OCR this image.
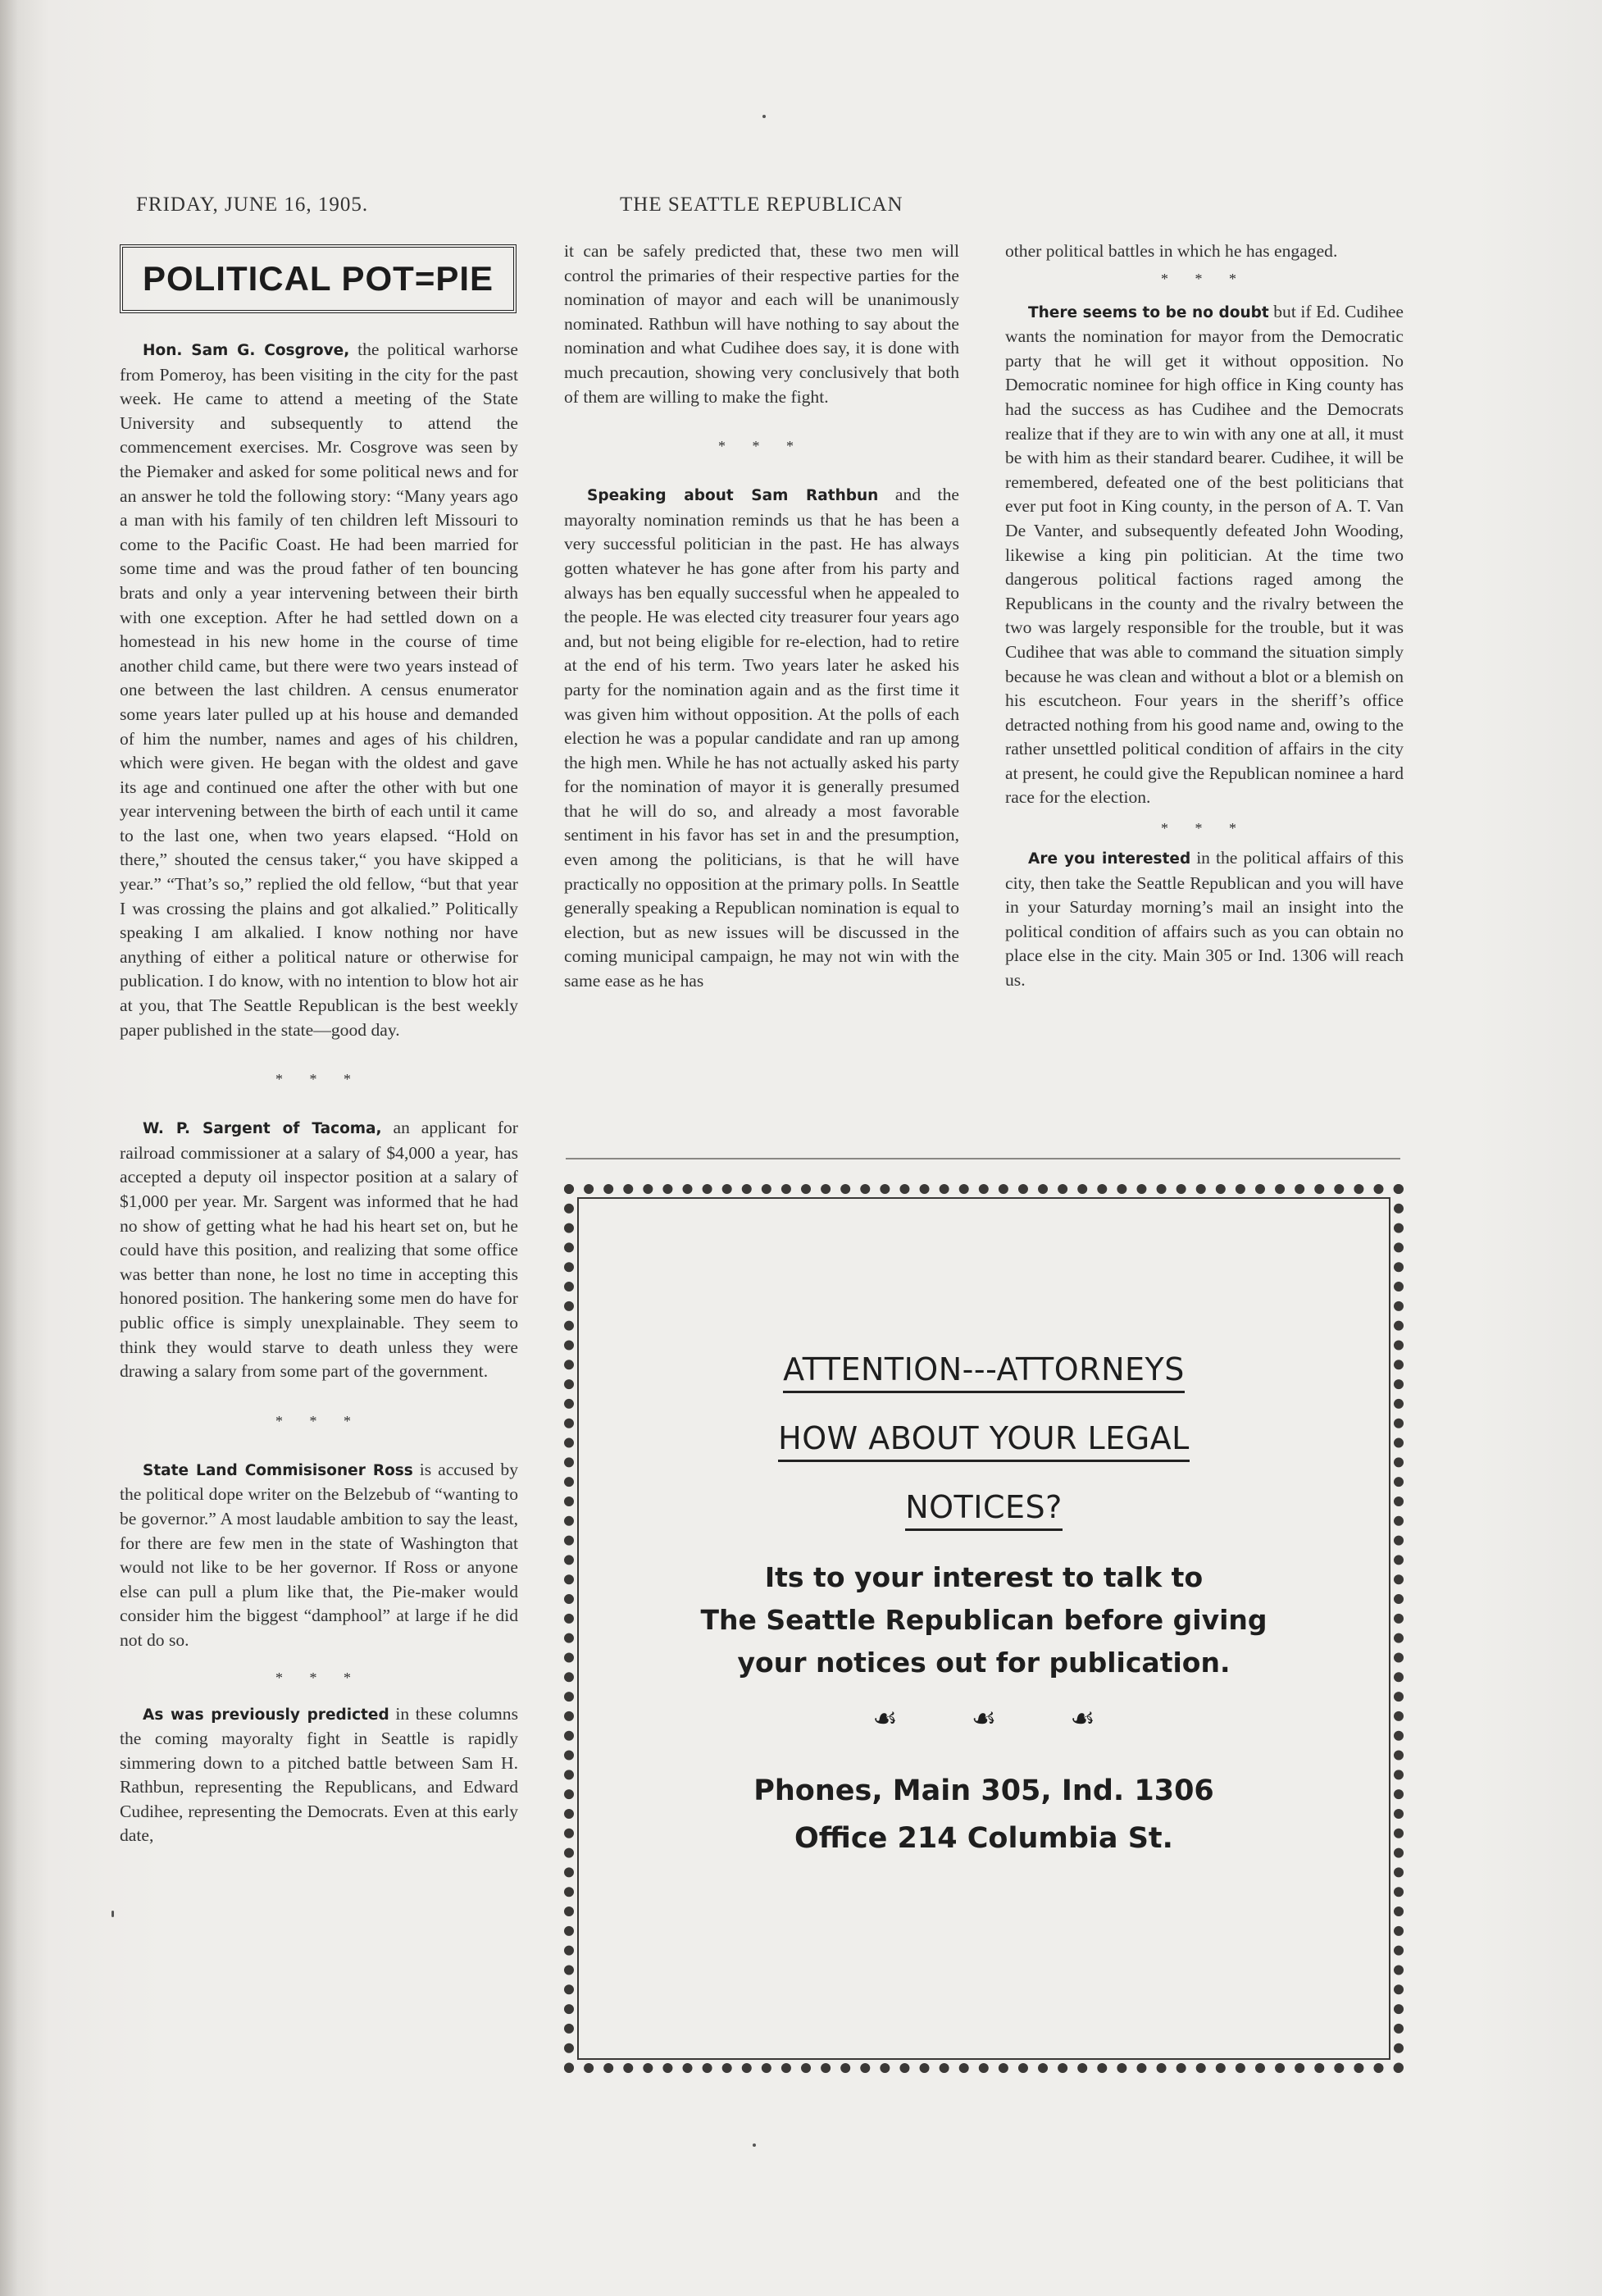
FRIDAY, JUNE 16, 1905.	THE SEATTLE REPUBLICAN
POLITICAL POT=PIE

Hon. Sam G. Cosgrove, the political warhorse from Pomeroy, has been visiting in the city for the past week. He came to attend a meeting of the State University and subsequently to attend the commencement exercises. Mr. Cosgrove was seen by the Piemaker and asked for some political news and for an answer he told the following story: “Many years ago a man with his family of ten children left Missouri to come to the Pacific Coast. He had been married for some time and was the proud father of ten bouncing brats and only a year intervening between their birth with one exception. After he had settled down on a homestead in his new home in the course of time another child came, but there were two years instead of one between the last children. A census enumerator some years later pulled up at his house and demanded of him the number, names and ages of his children, which were given. He began with the oldest and gave its age and continued one after the other with but one year intervening between the birth of each until it came to the last one, when two years elapsed. “Hold on there,” shouted the census taker,“ you have skipped a year.” “That’s so,” replied the old fellow, “but that year I was crossing the plains and got alkalied.” Politically speaking I am alkalied. I know nothing nor have anything of either a political nature or otherwise for publication. I do know, with no intention to blow hot air at you, that The Seattle Republican is the best weekly paper published in the state—good day.

* * *

W. P. Sargent of Tacoma, an applicant for railroad commissioner at a salary of $4,000 a year, has accepted a deputy oil inspector position at a salary of $1,000 per year. Mr. Sargent was informed that he had no show of getting what he had his heart set on, but he could have this position, and realizing that some office was better than none, he lost no time in accepting this honored position. The hankering some men do have for public office is simply unexplainable. They seem to think they would starve to death unless they were drawing a salary from some part of the government.

* * *

State Land Commisisoner Ross is accused by the political dope writer on the Belzebub of “wanting to be governor.” A most laudable ambition to say the least, for there are few men in the state of Washington that would not like to be her governor. If Ross or anyone else can pull a plum like that, the Pie-maker would consider him the biggest “damphool” at large if he did not do so.

* * *

As was previously predicted in these columns the coming mayoralty fight in Seattle is rapidly simmering down to a pitched battle between Sam H. Rathbun, representing the Republicans, and Edward Cudihee, representing the Democrats. Even at this early date,

it can be safely predicted that, these two men will control the primaries of their respective parties for the nomination of mayor and each will be unanimously nominated. Rathbun will have nothing to say about the nomination and what Cudihee does say, it is done with much precaution, showing very conclusively that both of them are willing to make the fight.

* * *

Speaking about Sam Rathbun and the mayoralty nomination reminds us that he has been a very successful politician in the past. He has always gotten whatever he has gone after from his party and always has ben equally successful when he appealed to the people. He was elected city treasurer four years ago and, but not being eligible for re-election, had to retire at the end of his term. Two years later he asked his party for the nomination again and as the first time it was given him without opposition. At the polls of each election he was a popular candidate and ran up among the high men. While he has not actually asked his party for the nomination of mayor it is generally presumed that he will do so, and already a most favorable sentiment in his favor has set in and the presumption, even among the politicians, is that he will have practically no opposition at the primary polls. In Seattle generally speaking a Republican nomination is equal to election, but as new issues will be discussed in the coming municipal campaign, he may not win with the same ease as he has

other political battles in which he has engaged.

* * *

There seems to be no doubt but if Ed. Cudihee wants the nomination for mayor from the Democratic party that he will get it without opposition. No Democratic nominee for high office in King county has had the success as has Cudihee and the Democrats realize that if they are to win with any one at all, it must be with him as their standard bearer. Cudihee, it will be remembered, defeated one of the best politicians that ever put foot in King county, in the person of A. T. Van De Vanter, and subsequently defeated John Wooding, likewise a king pin politician. At the time two dangerous political factions raged among the Republicans in the county and the rivalry between the two was largely responsible for the trouble, but it was Cudihee that was able to command the situation simply because he was clean and without a blot or a blemish on his escutcheon. Four years in the sheriff’s office detracted nothing from his good name and, owing to the rather unsettled political condition of affairs in the city at present, he could give the Republican nominee a hard race for the election.

* * *

Are you interested in the political affairs of this city, then take the Seattle Republican and you will have in your Saturday morning’s mail an insight into the political condition of affairs such as you can obtain no place else in the city. Main 305 or Ind. 1306 will reach us.

ATTENTION---ATTORNEYS
HOW ABOUT YOUR LEGAL
NOTICES?
Its to your interest to talk to
The Seattle Republican before giving
your notices out for publication.
☙☙☙
Phones, Main 305, Ind. 1306
Office 214 Columbia St.
